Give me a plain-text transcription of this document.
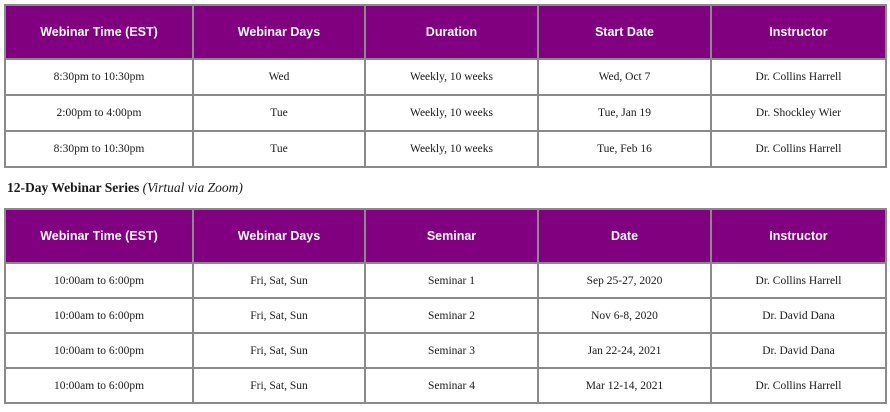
Webinar Time (EST)	Webinar Days	Duration	Start Date	Instructor
8:30pm to 10:30pm	Wed	Weekly, 10 weeks	Wed, Oct 7	Dr. Collins Harrell
2:00pm to 4:00pm	Tue	Weekly, 10 weeks	Tue, Jan 19	Dr. Shockley Wier
8:30pm to 10:30pm	Tue	Weekly, 10 weeks	Tue, Feb 16	Dr. Collins Harrell
12-Day Webinar Series (Virtual via Zoom)
Webinar Time (EST)	Webinar Days	Seminar	Date	Instructor
10:00am to 6:00pm	Fri, Sat, Sun	Seminar 1	Sep 25-27, 2020	Dr. Collins Harrell
10:00am to 6:00pm	Fri, Sat, Sun	Seminar 2	Nov 6-8, 2020	Dr. David Dana
10:00am to 6:00pm	Fri, Sat, Sun	Seminar 3	Jan 22-24, 2021	Dr. David Dana
10:00am to 6:00pm	Fri, Sat, Sun	Seminar 4	Mar 12-14, 2021	Dr. Collins Harrell
